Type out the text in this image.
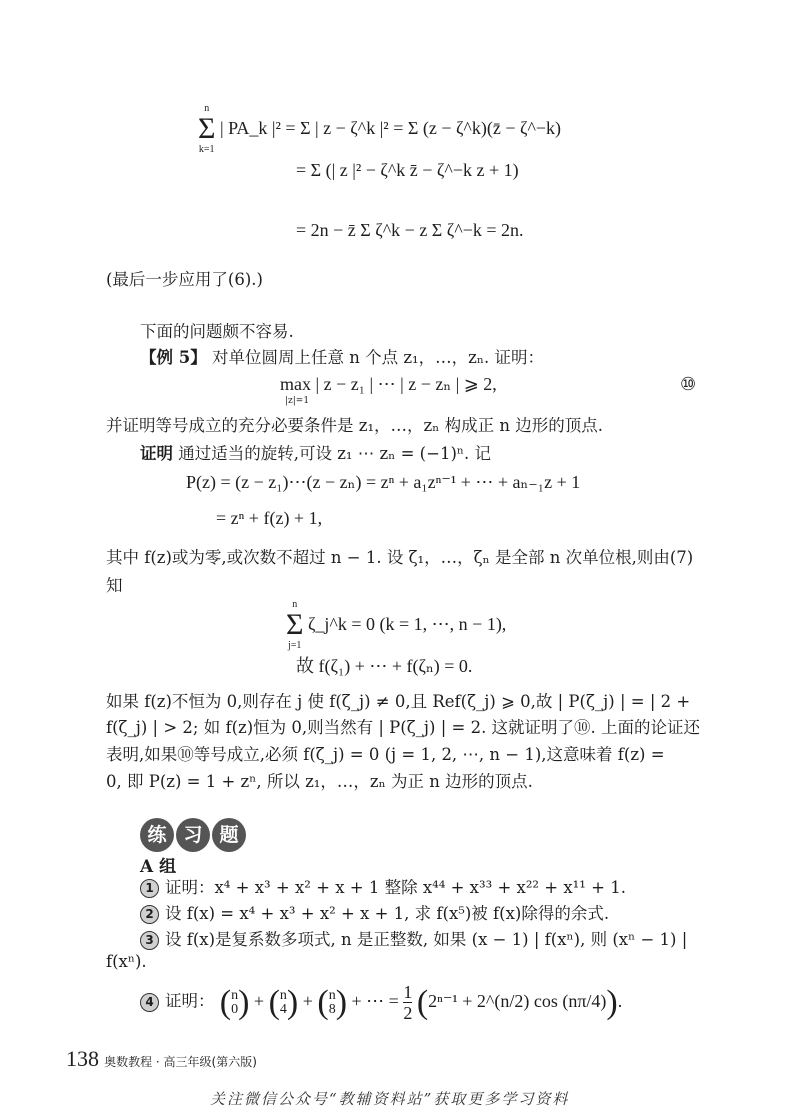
n
Σ
k=1
| PA_k |² = Σ | z − ζ^k |² = Σ (z − ζ^k)(z̄ − ζ^−k)
= Σ (| z |² − ζ^k z̄ − ζ^−k z + 1)
= 2n − z̄ Σ ζ^k − z Σ ζ^−k = 2n.
(最后一步应用了(6).)
下面的问题颇不容易.
【例 5】 对单位圆周上任意 n 个点 z₁，…，zₙ. 证明：
max | z − z₁ | ⋯ | z − zₙ | ⩾ 2,
|z|=1
⑩
并证明等号成立的充分必要条件是 z₁，…，zₙ 构成正 n 边形的顶点.
证明 通过适当的旋转,可设 z₁ ⋯ zₙ = (−1)ⁿ. 记
P(z) = (z − z₁)⋯(z − zₙ) = zⁿ + a₁zⁿ⁻¹ + ⋯ + aₙ₋₁z + 1
= zⁿ + f(z) + 1,
其中 f(z)或为零,或次数不超过 n − 1. 设 ζ₁，…，ζₙ 是全部 n 次单位根,则由(7)
知
n
Σ
j=1
ζ_j^k = 0 (k = 1, ⋯, n − 1),
故 f(ζ₁) + ⋯ + f(ζₙ) = 0.
如果 f(z)不恒为 0,则存在 j 使 f(ζ_j) ≠ 0,且 Ref(ζ_j) ⩾ 0,故 | P(ζ_j) | = | 2 +
f(ζ_j) | > 2; 如 f(z)恒为 0,则当然有 | P(ζ_j) | = 2. 这就证明了⑩. 上面的论证还
表明,如果⑩等号成立,必须 f(ζ_j) = 0 (j = 1, 2, ⋯, n − 1),这意味着 f(z) =
0, 即 P(z) = 1 + zⁿ, 所以 z₁，…，zₙ 为正 n 边形的顶点.
练 习 题
A 组
1 证明：x⁴ + x³ + x² + x + 1 整除 x⁴⁴ + x³³ + x²² + x¹¹ + 1.
2 设 f(x) = x⁴ + x³ + x² + x + 1, 求 f(x⁵)被 f(x)除得的余式.
3 设 f(x)是复系数多项式, n 是正整数, 如果 (x − 1) | f(xⁿ), 则 (xⁿ − 1) |
f(xⁿ).
4 证明： ( n
0 ) + ( n
4 ) + ( n
8 ) + ⋯ = $\frac{1}{2} (2^{n-1}$ + 2^(n/2) cos (nπ/4)).
138 奥数教程 · 高三年级(第六版)
关注微信公众号“教辅资料站”获取更多学习资料
